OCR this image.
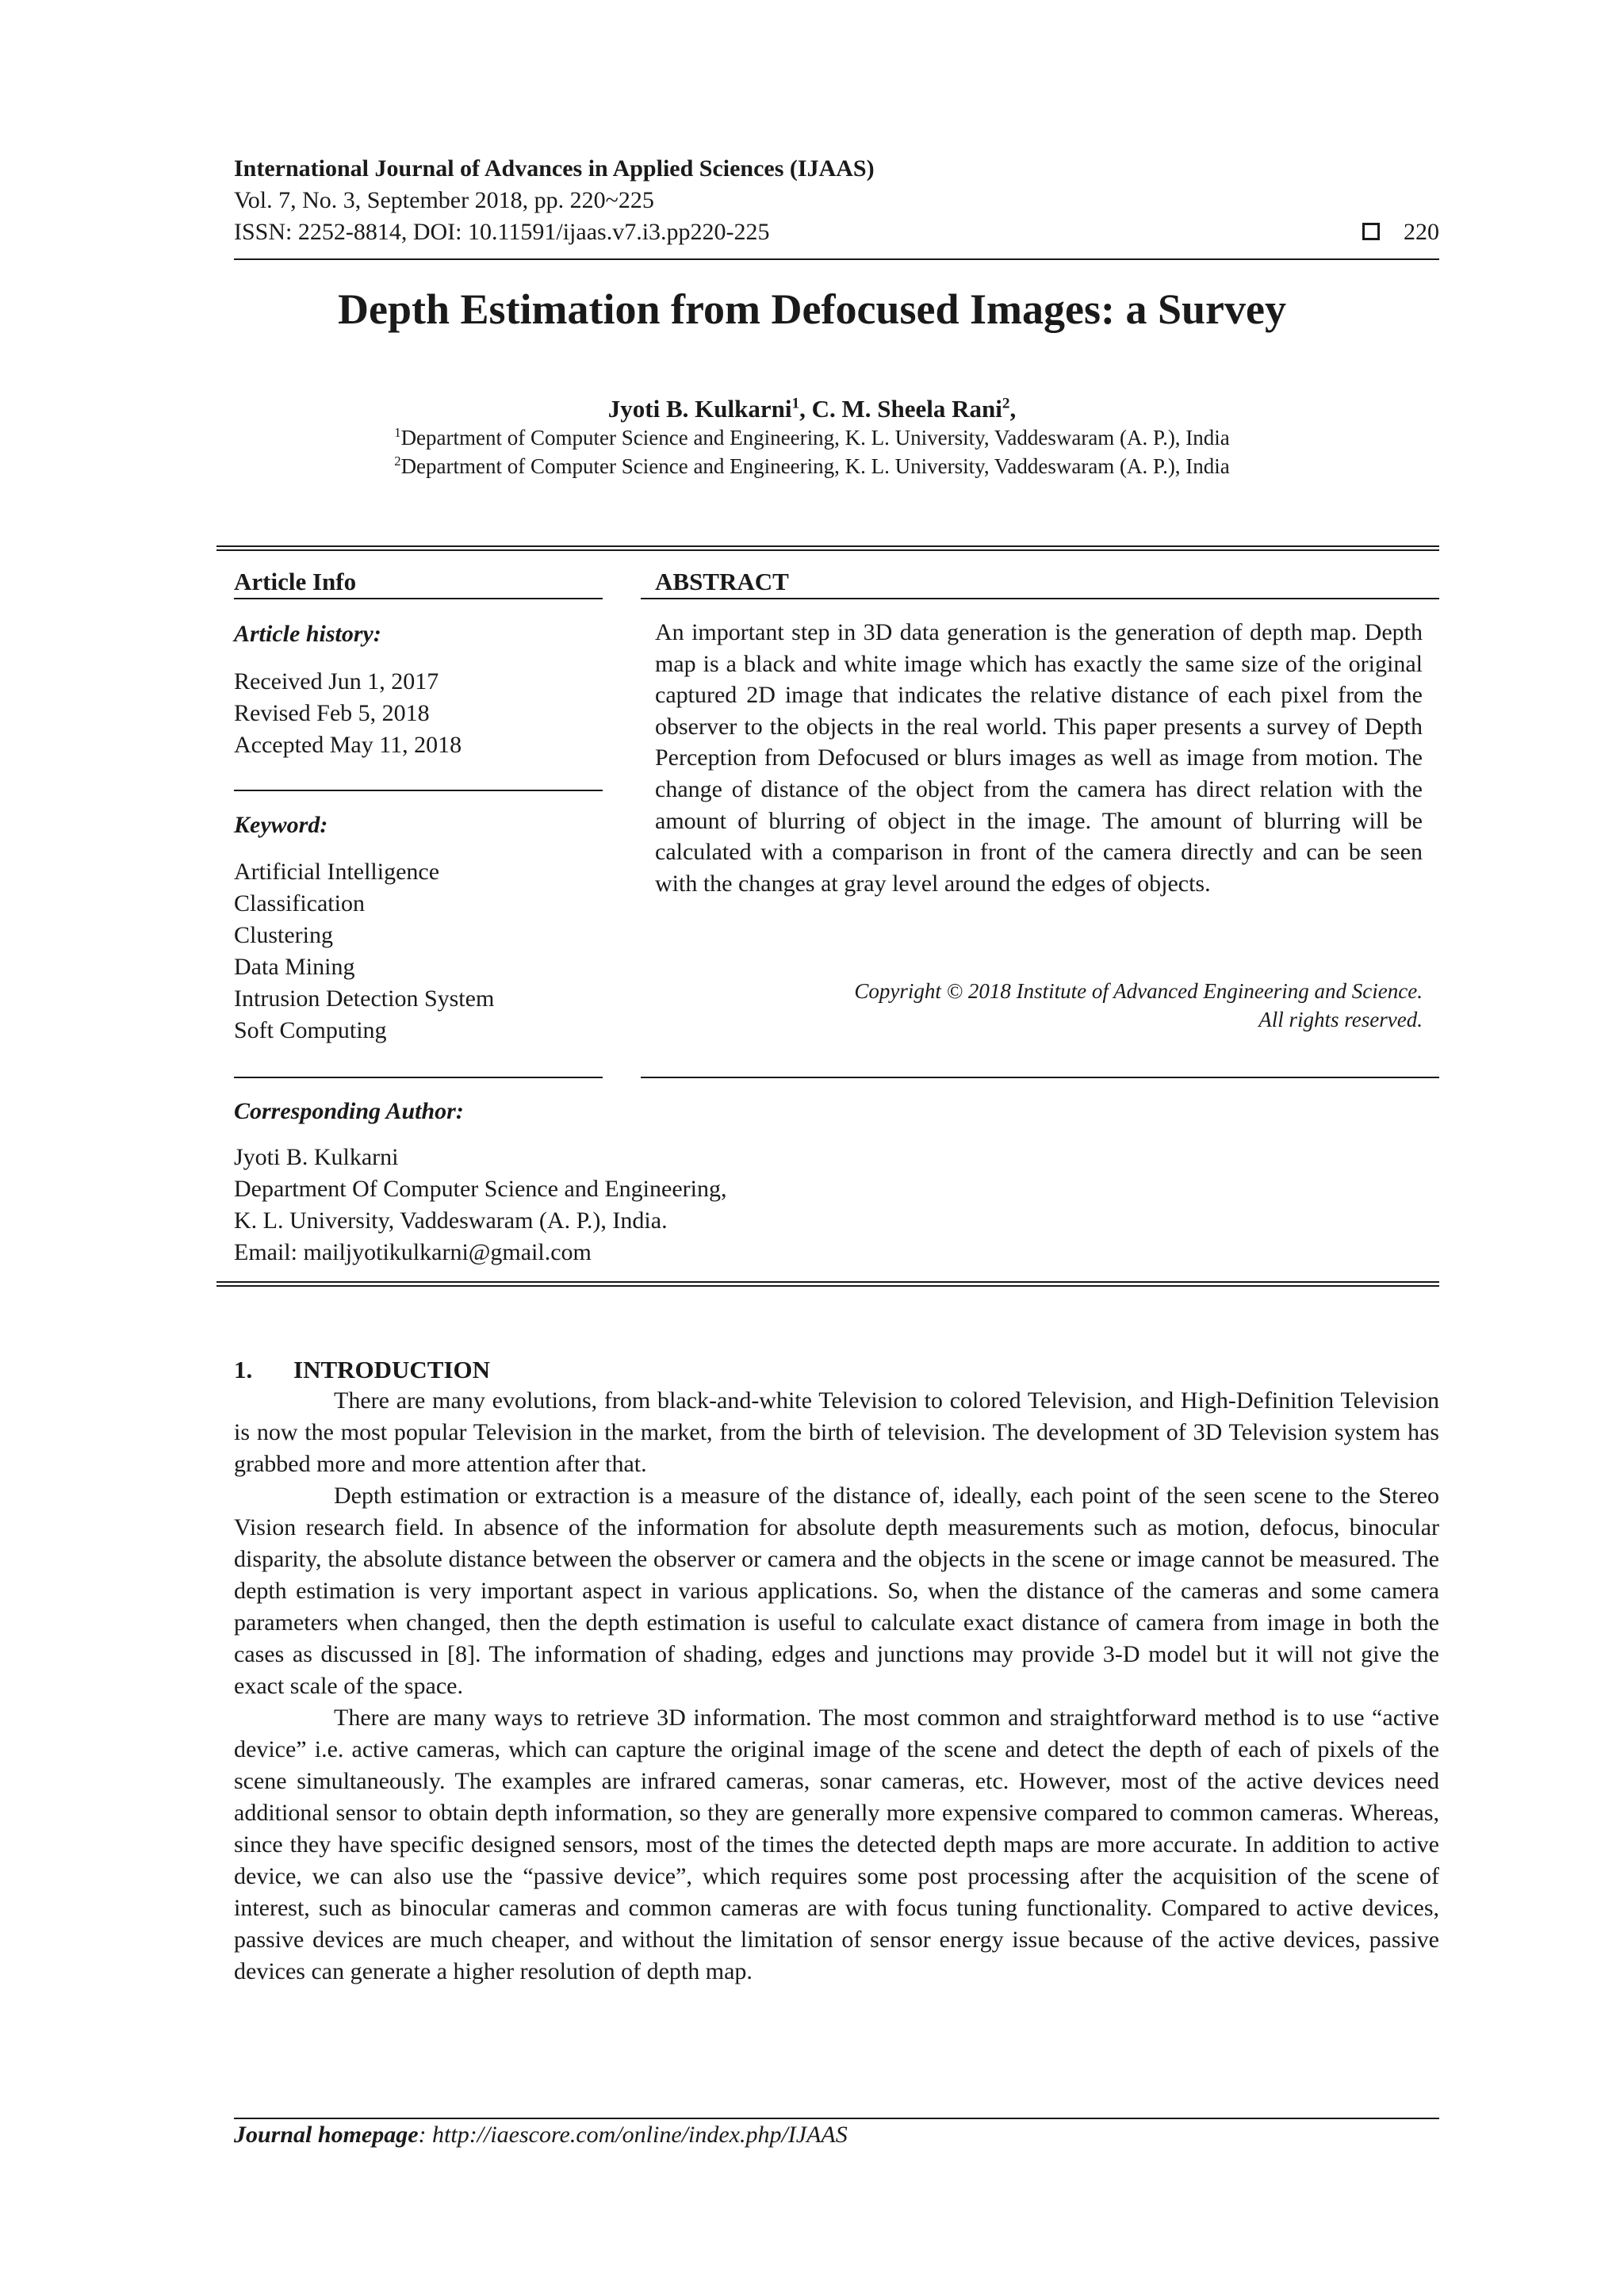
International Journal of Advances in Applied Sciences (IJAAS)
Vol. 7, No. 3, September 2018, pp. 220~225
ISSN: 2252-8814, DOI: 10.11591/ijaas.v7.i3.pp220-225	220
Depth Estimation from Defocused Images: a Survey
Jyoti B. Kulkarni$^1$, C. M. Sheela Rani$^2$,
$^1$Department of Computer Science and Engineering, K. L. University, Vaddeswaram (A. P.), India
$^2$Department of Computer Science and Engineering, K. L. University, Vaddeswaram (A. P.), India
Article Info	ABSTRACT
Article history:
Received Jun 1, 2017
Revised Feb 5, 2018
Accepted May 11, 2018
Keyword:
Artificial Intelligence
Classification
Clustering
Data Mining
Intrusion Detection System
Soft Computing

An important step in 3D data generation is the generation of depth map. Depth map is a black and white image which has exactly the same size of the original captured 2D image that indicates the relative distance of each pixel from the observer to the objects in the real world. This paper presents a survey of Depth Perception from Defocused or blurs images as well as image from motion. The change of distance of the object from the camera has direct relation with the amount of blurring of object in the image. The amount of blurring will be calculated with a comparison in front of the camera directly and can be seen with the changes at gray level around the edges of objects.

Copyright © 2018 Institute of Advanced Engineering and Science.
All rights reserved.
Corresponding Author:
Jyoti B. Kulkarni
Department Of Computer Science and Engineering,
K. L. University, Vaddeswaram (A. P.), India.
Email: mailjyotikulkarni@gmail.com
1. INTRODUCTION

There are many evolutions, from black-and-white Television to colored Television, and High-Definition Television is now the most popular Television in the market, from the birth of television. The development of 3D Television system has grabbed more and more attention after that.

Depth estimation or extraction is a measure of the distance of, ideally, each point of the seen scene to the Stereo Vision research field. In absence of the information for absolute depth measurements such as motion, defocus, binocular disparity, the absolute distance between the observer or camera and the objects in the scene or image cannot be measured. The depth estimation is very important aspect in various applications. So, when the distance of the cameras and some camera parameters when changed, then the depth estimation is useful to calculate exact distance of camera from image in both the cases as discussed in [8]. The information of shading, edges and junctions may provide 3-D model but it will not give the exact scale of the space.

There are many ways to retrieve 3D information. The most common and straightforward method is to use “active device” i.e. active cameras, which can capture the original image of the scene and detect the depth of each of pixels of the scene simultaneously. The examples are infrared cameras, sonar cameras, etc. However, most of the active devices need additional sensor to obtain depth information, so they are generally more expensive compared to common cameras. Whereas, since they have specific designed sensors, most of the times the detected depth maps are more accurate. In addition to active device, we can also use the “passive device”, which requires some post processing after the acquisition of the scene of interest, such as binocular cameras and common cameras are with focus tuning functionality. Compared to active devices, passive devices are much cheaper, and without the limitation of sensor energy issue because of the active devices, passive devices can generate a higher resolution of depth map.

Journal homepage: http://iaescore.com/online/index.php/IJAAS
